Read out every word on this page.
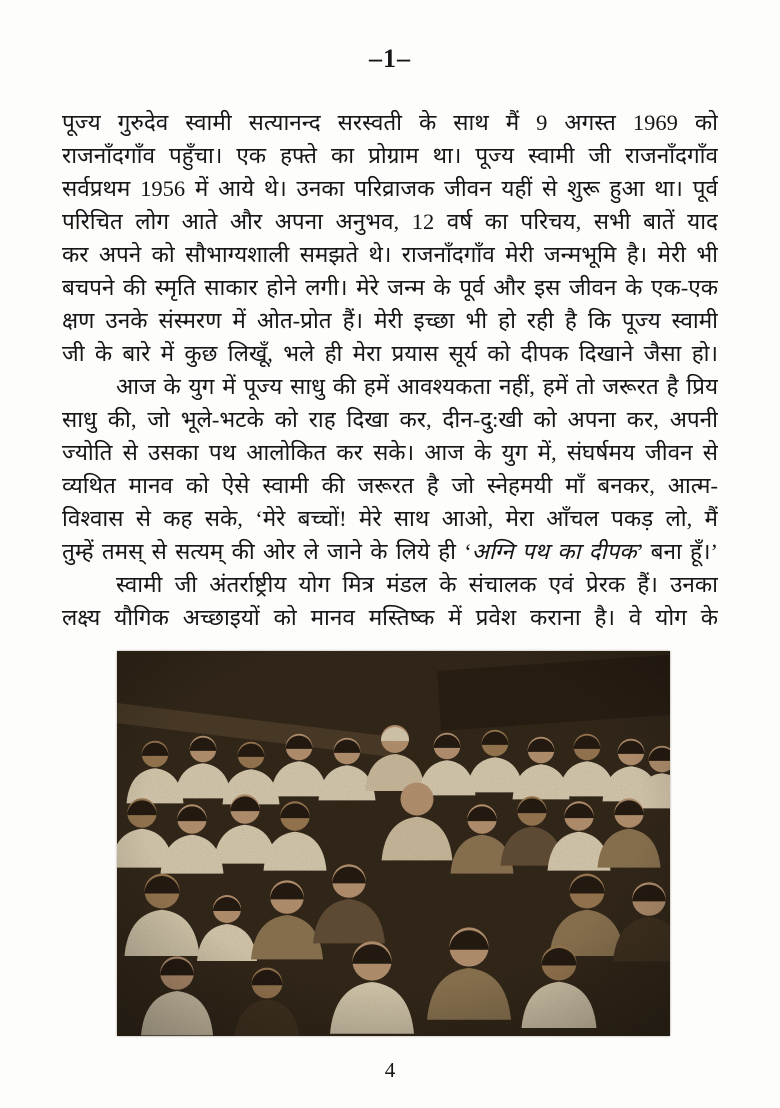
–1–
पूज्य गुरुदेव स्वामी सत्यानन्द सरस्वती के साथ मैं 9 अगस्त 1969 को
राजनाँदगाँव पहुँचा। एक हफ्ते का प्रोग्राम था। पूज्य स्वामी जी राजनाँदगाँव
सर्वप्रथम 1956 में आये थे। उनका परिव्राजक जीवन यहीं से शुरू हुआ था। पूर्व
परिचित लोग आते और अपना अनुभव, 12 वर्ष का परिचय, सभी बातें याद
कर अपने को सौभाग्यशाली समझते थे। राजनाँदगाँव मेरी जन्मभूमि है। मेरी भी
बचपने की स्मृति साकार होने लगी। मेरे जन्म के पूर्व और इस जीवन के एक-एक
क्षण उनके संस्मरण में ओत-प्रोत हैं। मेरी इच्छा भी हो रही है कि पूज्य स्वामी
जी के बारे में कुछ लिखूँ, भले ही मेरा प्रयास सूर्य को दीपक दिखाने जैसा हो।
आज के युग में पूज्य साधु की हमें आवश्यकता नहीं, हमें तो जरूरत है प्रिय
साधु की, जो भूले-भटके को राह दिखा कर, दीन-दु:खी को अपना कर, अपनी
ज्योति से उसका पथ आलोकित कर सके। आज के युग में, संघर्षमय जीवन से
व्यथित मानव को ऐसे स्वामी की जरूरत है जो स्नेहमयी माँ बनकर, आत्म-
विश्वास से कह सके, ‘मेरे बच्चों! मेरे साथ आओ, मेरा आँचल पकड़ लो, मैं
तुम्हें तमस् से सत्यम् की ओर ले जाने के लिये ही ‘अग्नि पथ का दीपक’ बना हूँ।’
स्वामी जी अंतर्राष्ट्रीय योग मित्र मंडल के संचालक एवं प्रेरक हैं। उनका
लक्ष्य यौगिक अच्छाइयों को मानव मस्तिष्क में प्रवेश कराना है। वे योग के
4
